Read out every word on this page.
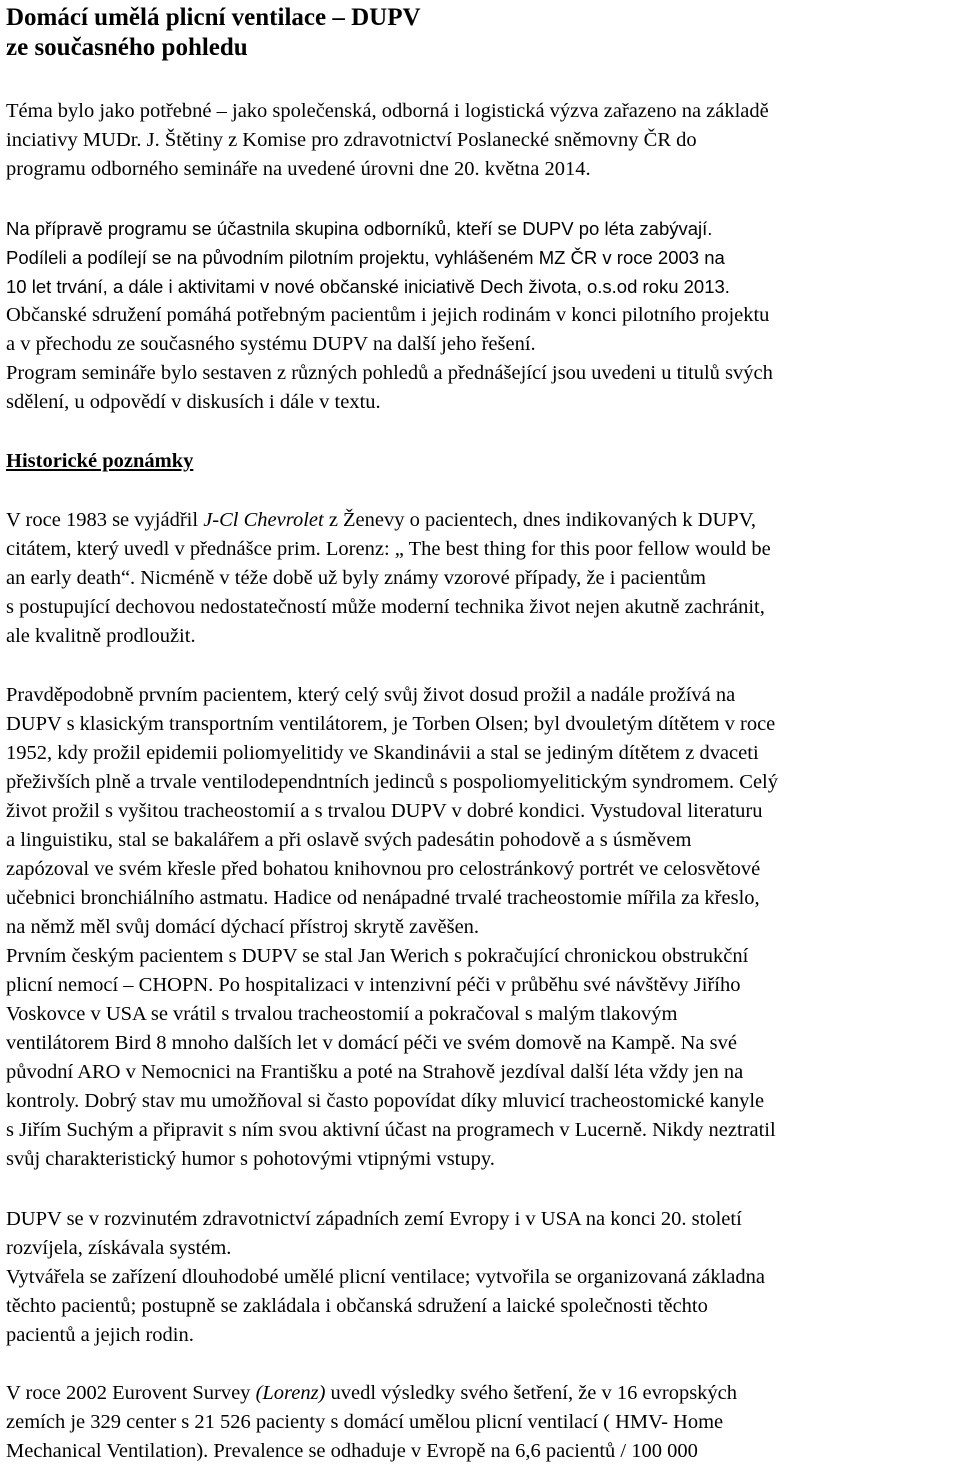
Domácí umělá plicní ventilace – DUPV
ze současného pohledu
Téma bylo jako potřebné – jako společenská, odborná i logistická výzva zařazeno na základě
inciativy MUDr. J. Štětiny z Komise pro zdravotnictví Poslanecké sněmovny ČR do
programu odborného semináře na uvedené úrovni dne 20. května 2014.
Na přípravě programu se účastnila skupina odborníků, kteří se DUPV po léta zabývají.
Podíleli a podílejí se na původním pilotním projektu, vyhlášeném MZ ČR v roce 2003 na
10 let trvání, a dále i aktivitami v nové občanské iniciativě Dech života, o.s.od roku 2013.
Občanské sdružení pomáhá potřebným pacientům i jejich rodinám v konci pilotního projektu
a v přechodu ze současného systému DUPV na další jeho řešení.
Program semináře bylo sestaven z různých pohledů a přednášející jsou uvedeni u titulů svých
sdělení, u odpovědí v diskusích i dále v textu.
Historické poznámky
V roce 1983 se vyjádřil J-Cl Chevrolet z Ženevy o pacientech, dnes indikovaných k DUPV,
citátem, který uvedl v přednášce prim. Lorenz: „ The best thing for this poor fellow would be
an early death“. Nicméně v téže době už byly známy vzorové případy, že i pacientům
s postupující dechovou nedostatečností může moderní technika život nejen akutně zachránit,
ale kvalitně prodloužit.
Pravděpodobně prvním pacientem, který celý svůj život dosud prožil a nadále prožívá na
DUPV s klasickým transportním ventilátorem, je Torben Olsen; byl dvouletým dítětem v roce
1952, kdy prožil epidemii poliomyelitidy ve Skandinávii a stal se jediným dítětem z dvaceti
přeživších plně a trvale ventilodependntních jedinců s pospoliomyelitickým syndromem. Celý
život prožil s vyšitou tracheostomií a s trvalou DUPV v dobré kondici. Vystudoval literaturu
a linguistiku, stal se bakalářem a při oslavě svých padesátin pohodově a s úsměvem
zapózoval ve svém křesle před bohatou knihovnou pro celostránkový portrét ve celosvětové
učebnici bronchiálního astmatu. Hadice od nenápadné trvalé tracheostomie mířila za křeslo,
na němž měl svůj domácí dýchací přístroj skrytě zavěšen.
Prvním českým pacientem s DUPV se stal Jan Werich s pokračující chronickou obstrukční
plicní nemocí – CHOPN. Po hospitalizaci v intenzivní péči v průběhu své návštěvy Jiřího
Voskovce v USA se vrátil s trvalou tracheostomií a pokračoval s malým tlakovým
ventilátorem Bird 8 mnoho dalších let v domácí péči ve svém domově na Kampě. Na své
původní ARO v Nemocnici na Františku a poté na Strahově jezdíval další léta vždy jen na
kontroly. Dobrý stav mu umožňoval si často popovídat díky mluvicí tracheostomické kanyle
s Jiřím Suchým a připravit s ním svou aktivní účast na programech v Lucerně. Nikdy neztratil
svůj charakteristický humor s pohotovými vtipnými vstupy.
DUPV se v rozvinutém zdravotnictví západních zemí Evropy i v USA na konci 20. století
rozvíjela, získávala systém.
Vytvářela se zařízení dlouhodobé umělé plicní ventilace; vytvořila se organizovaná základna
těchto pacientů; postupně se zakládala i občanská sdružení a laické společnosti těchto
pacientů a jejich rodin.
V roce 2002 Eurovent Survey (Lorenz) uvedl výsledky svého šetření, že v 16 evropských
zemích je 329 center s 21 526 pacienty s domácí umělou plicní ventilací ( HMV- Home
Mechanical Ventilation). Prevalence se odhaduje v Evropě na 6,6 pacientů / 100 000
